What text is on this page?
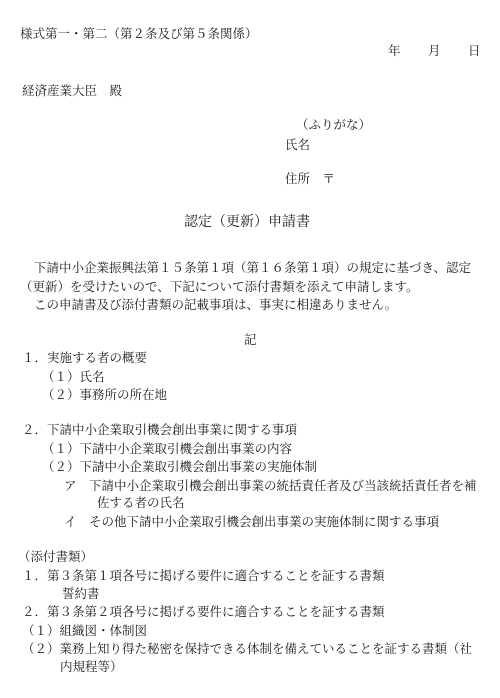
様式第一・第二（第２条及び第５条関係）
年 月 日
経済産業大臣　殿
（ふりがな）
氏名
住所　〒
認定（更新）申請書
下請中小企業振興法第１５条第１項（第１６条第１項）の規定に基づき、認定
（更新）を受けたいので、下記について添付書類を添えて申請します。
この申請書及び添付書類の記載事項は、事実に相違ありません。
記
１．実施する者の概要
（１）氏名
（２）事務所の所在地
２．下請中小企業取引機会創出事業に関する事項
（１）下請中小企業取引機会創出事業の内容
（２）下請中小企業取引機会創出事業の実施体制
ア　下請中小企業取引機会創出事業の統括責任者及び当該統括責任者を補
佐する者の氏名
イ　その他下請中小企業取引機会創出事業の実施体制に関する事項
（添付書類）
１．第３条第１項各号に掲げる要件に適合することを証する書類
誓約書
２．第３条第２項各号に掲げる要件に適合することを証する書類
（１）組織図・体制図
（２）業務上知り得た秘密を保持できる体制を備えていることを証する書類（社
内規程等）
